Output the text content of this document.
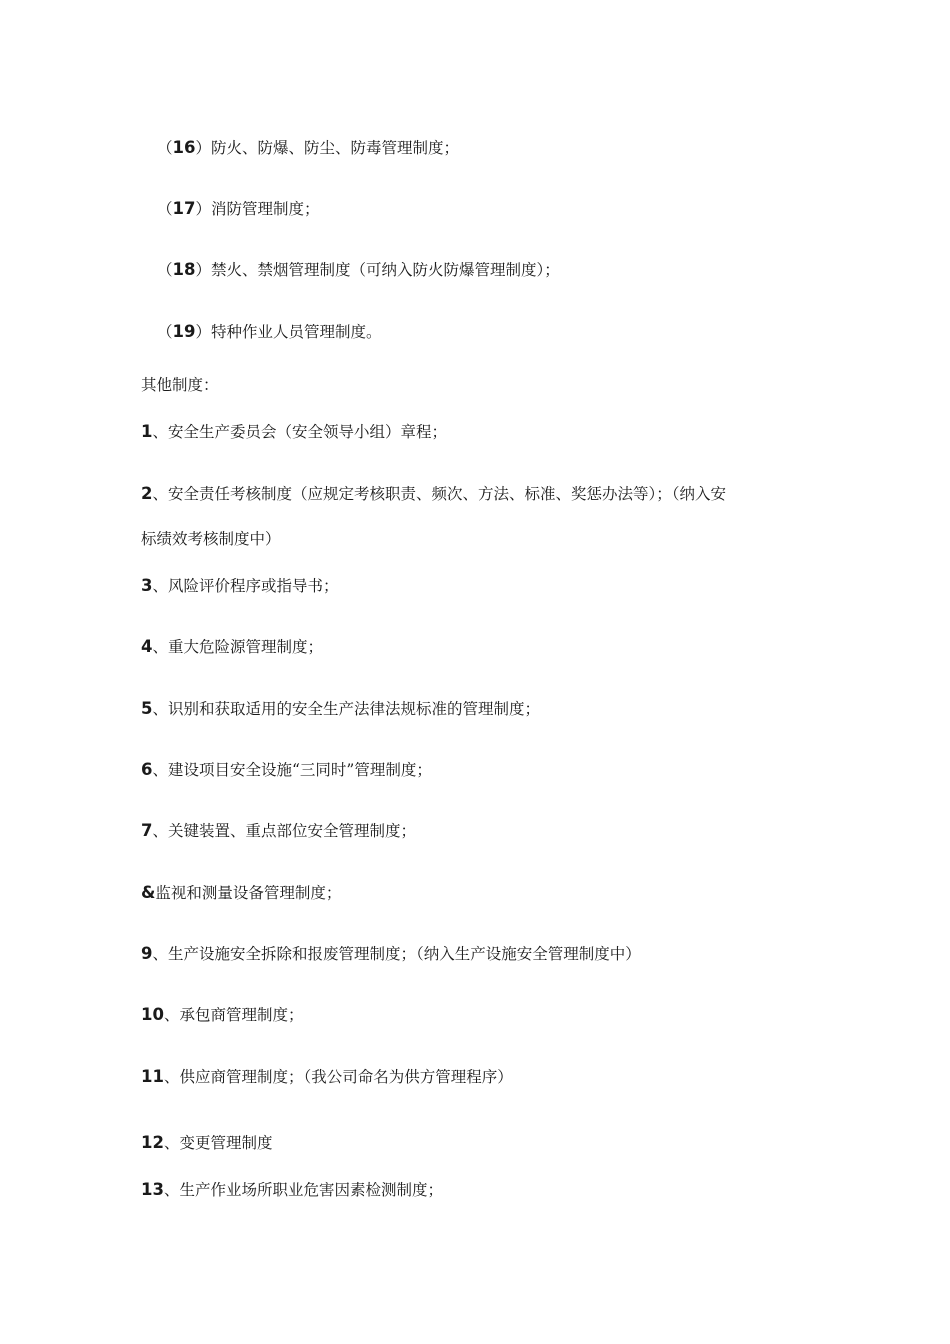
（16）防火、防爆、防尘、防毒管理制度；
（17）消防管理制度；
（18）禁火、禁烟管理制度（可纳入防火防爆管理制度）；
（19）特种作业人员管理制度。
其他制度：
1、安全生产委员会（安全领导小组）章程；
2、安全责任考核制度（应规定考核职责、频次、方法、标准、奖惩办法等）；（纳入安
标绩效考核制度中）
3、风险评价程序或指导书；
4、重大危险源管理制度；
5、识别和获取适用的安全生产法律法规标准的管理制度；
6、建设项目安全设施“三同时”管理制度；
7、关键装置、重点部位安全管理制度；
&监视和测量设备管理制度；
9、生产设施安全拆除和报废管理制度；（纳入生产设施安全管理制度中）
10、承包商管理制度；
11、供应商管理制度；（我公司命名为供方管理程序）
12、变更管理制度
13、生产作业场所职业危害因素检测制度；
